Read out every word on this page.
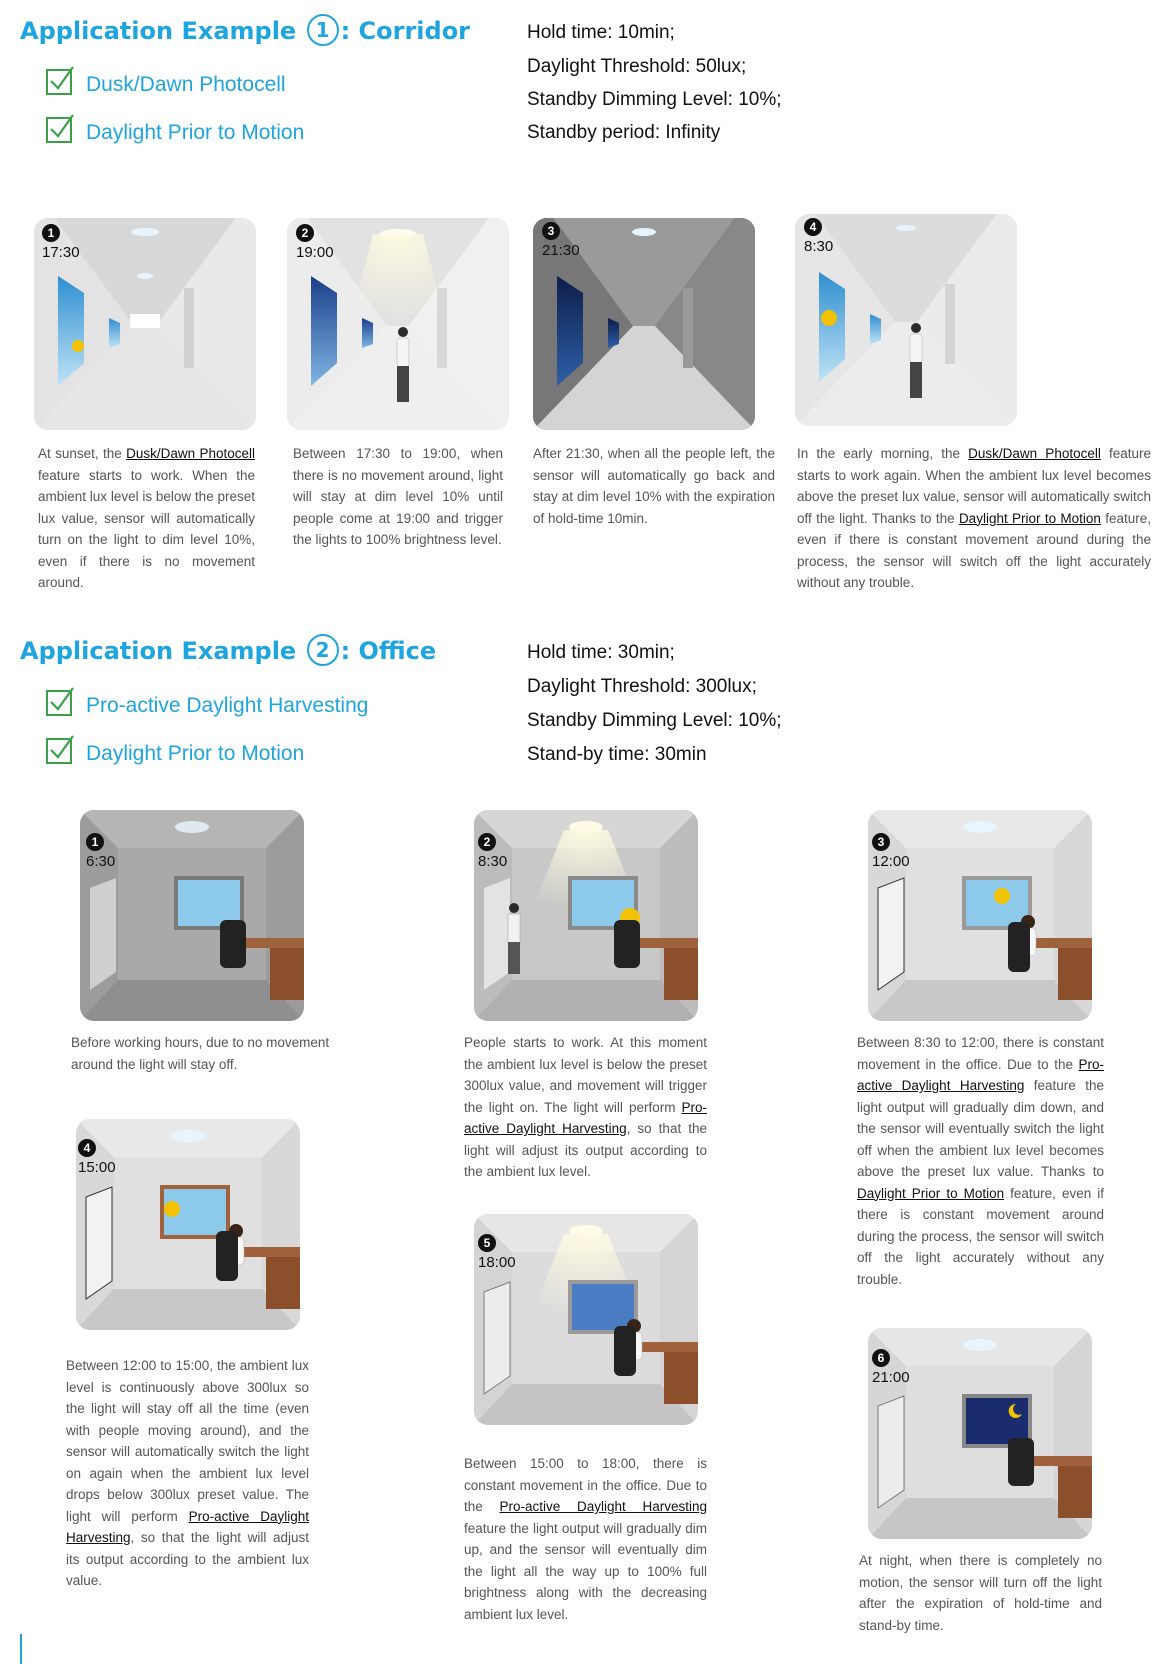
Application Example 1 : Corridor
Dusk/Dawn Photocell
Daylight Prior to Motion
Hold time: 10min;
Daylight Threshold: 50lux;
Standby Dimming Level: 10%;
Standby period: Infinity
1
17:30
2
19:00
3
21:30
4
8:30
At sunset, the Dusk/Dawn Photocell feature starts to work. When the ambient lux level is below the preset lux value, sensor will automatically turn on the light to dim level 10%, even if there is no movement around.
Between 17:30 to 19:00, when there is no movement around, light will stay at dim level 10% until people come at 19:00 and trigger the lights to 100% brightness level.
After 21:30, when all the people left, the sensor will automatically go back and stay at dim level 10% with the expiration of hold-time 10min.
In the early morning, the Dusk/Dawn Photocell feature starts to work again. When the ambient lux level becomes above the preset lux value, sensor will automatically switch off the light. Thanks to the Daylight Prior to Motion feature, even if there is constant movement around during the process, the sensor will switch off the light accurately without any trouble.
Application Example 2 : Office
Pro-active Daylight Harvesting
Daylight Prior to Motion
Hold time: 30min;
Daylight Threshold: 300lux;
Standby Dimming Level: 10%;
Stand-by time: 30min
1
6:30
2
8:30
3
12:00
4
15:00
5
18:00
6
21:00
Before working hours, due to no movement around the light will stay off.
People starts to work. At this moment the ambient lux level is below the preset 300lux value, and movement will trigger the light on. The light will perform Pro-active Daylight Harvesting, so that the light will adjust its output according to the ambient lux level.
Between 8:30 to 12:00, there is constant movement in the office. Due to the Pro-active Daylight Harvesting feature the light output will gradually dim down, and the sensor will eventually switch the light off when the ambient lux level becomes above the preset lux value. Thanks to Daylight Prior to Motion feature, even if there is constant movement around during the process, the sensor will switch off the light accurately without any trouble.
Between 12:00 to 15:00, the ambient lux level is continuously above 300lux so the light will stay off all the time (even with people moving around), and the sensor will automatically switch the light on again when the ambient lux level drops below 300lux preset value. The light will perform Pro-active Daylight Harvesting, so that the light will adjust its output according to the ambient lux value.
Between 15:00 to 18:00, there is constant movement in the office. Due to the Pro-active Daylight Harvesting feature the light output will gradually dim up, and the sensor will eventually dim the light all the way up to 100% full brightness along with the decreasing ambient lux level.
At night, when there is completely no motion, the sensor will turn off the light after the expiration of hold-time and stand-by time.
